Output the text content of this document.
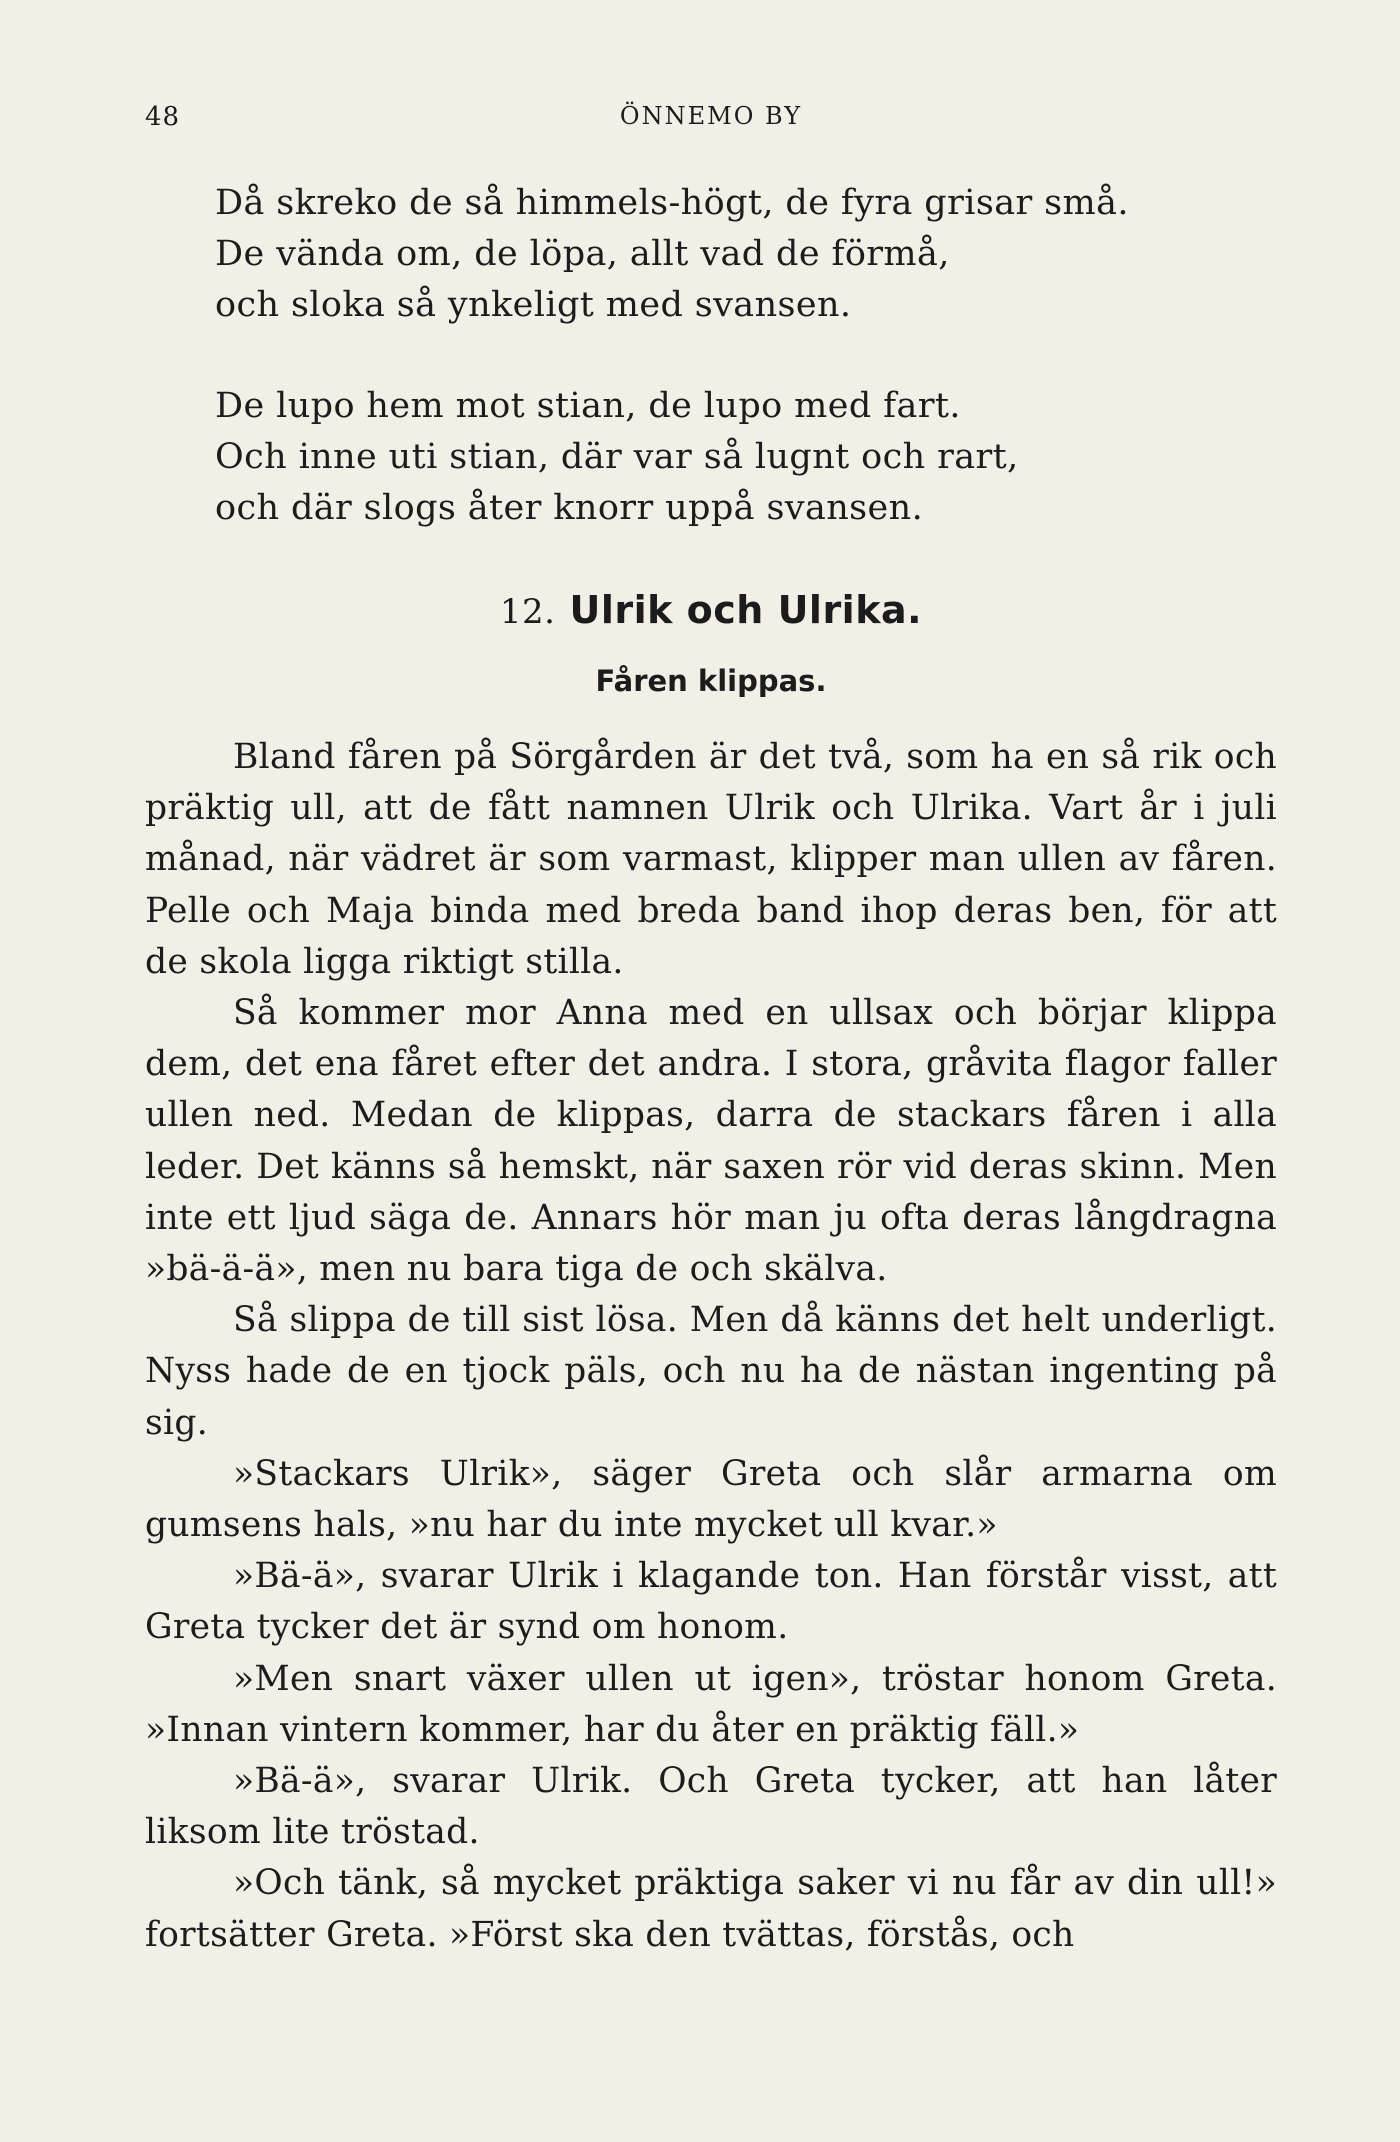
48	ÖNNEMO BY
Då skreko de så himmels-högt, de fyra grisar små.
De vända om, de löpa, allt vad de förmå,
och sloka så ynkeligt med svansen.
De lupo hem mot stian, de lupo med fart.
Och inne uti stian, där var så lugnt och rart,
och där slogs åter knorr uppå svansen.
12. Ulrik och Ulrika.
Fåren klippas.

Bland fåren på Sörgården är det två, som ha en så rik och präktig ull, att de fått namnen Ulrik och Ulrika. Vart år i juli månad, när vädret är som varmast, klipper man ullen av fåren. Pelle och Maja binda med breda band ihop deras ben, för att de skola ligga riktigt stilla.

Så kommer mor Anna med en ullsax och börjar klippa dem, det ena fåret efter det andra. I stora, gråvita flagor faller ullen ned. Medan de klippas, darra de stackars fåren i alla leder. Det känns så hemskt, när saxen rör vid deras skinn. Men inte ett ljud säga de. Annars hör man ju ofta deras långdragna »bä-ä-ä», men nu bara tiga de och skälva.

Så slippa de till sist lösa. Men då känns det helt underligt. Nyss hade de en tjock päls, och nu ha de nästan ingenting på sig.

»Stackars Ulrik», säger Greta och slår armarna om gumsens hals, »nu har du inte mycket ull kvar.»

»Bä-ä», svarar Ulrik i klagande ton. Han förstår visst, att Greta tycker det är synd om honom.

»Men snart växer ullen ut igen», tröstar honom Greta. »Innan vintern kommer, har du åter en präktig fäll.»

»Bä-ä», svarar Ulrik. Och Greta tycker, att han låter liksom lite tröstad.

»Och tänk, så mycket präktiga saker vi nu får av din ull!» fortsätter Greta. »Först ska den tvättas, förstås, och
